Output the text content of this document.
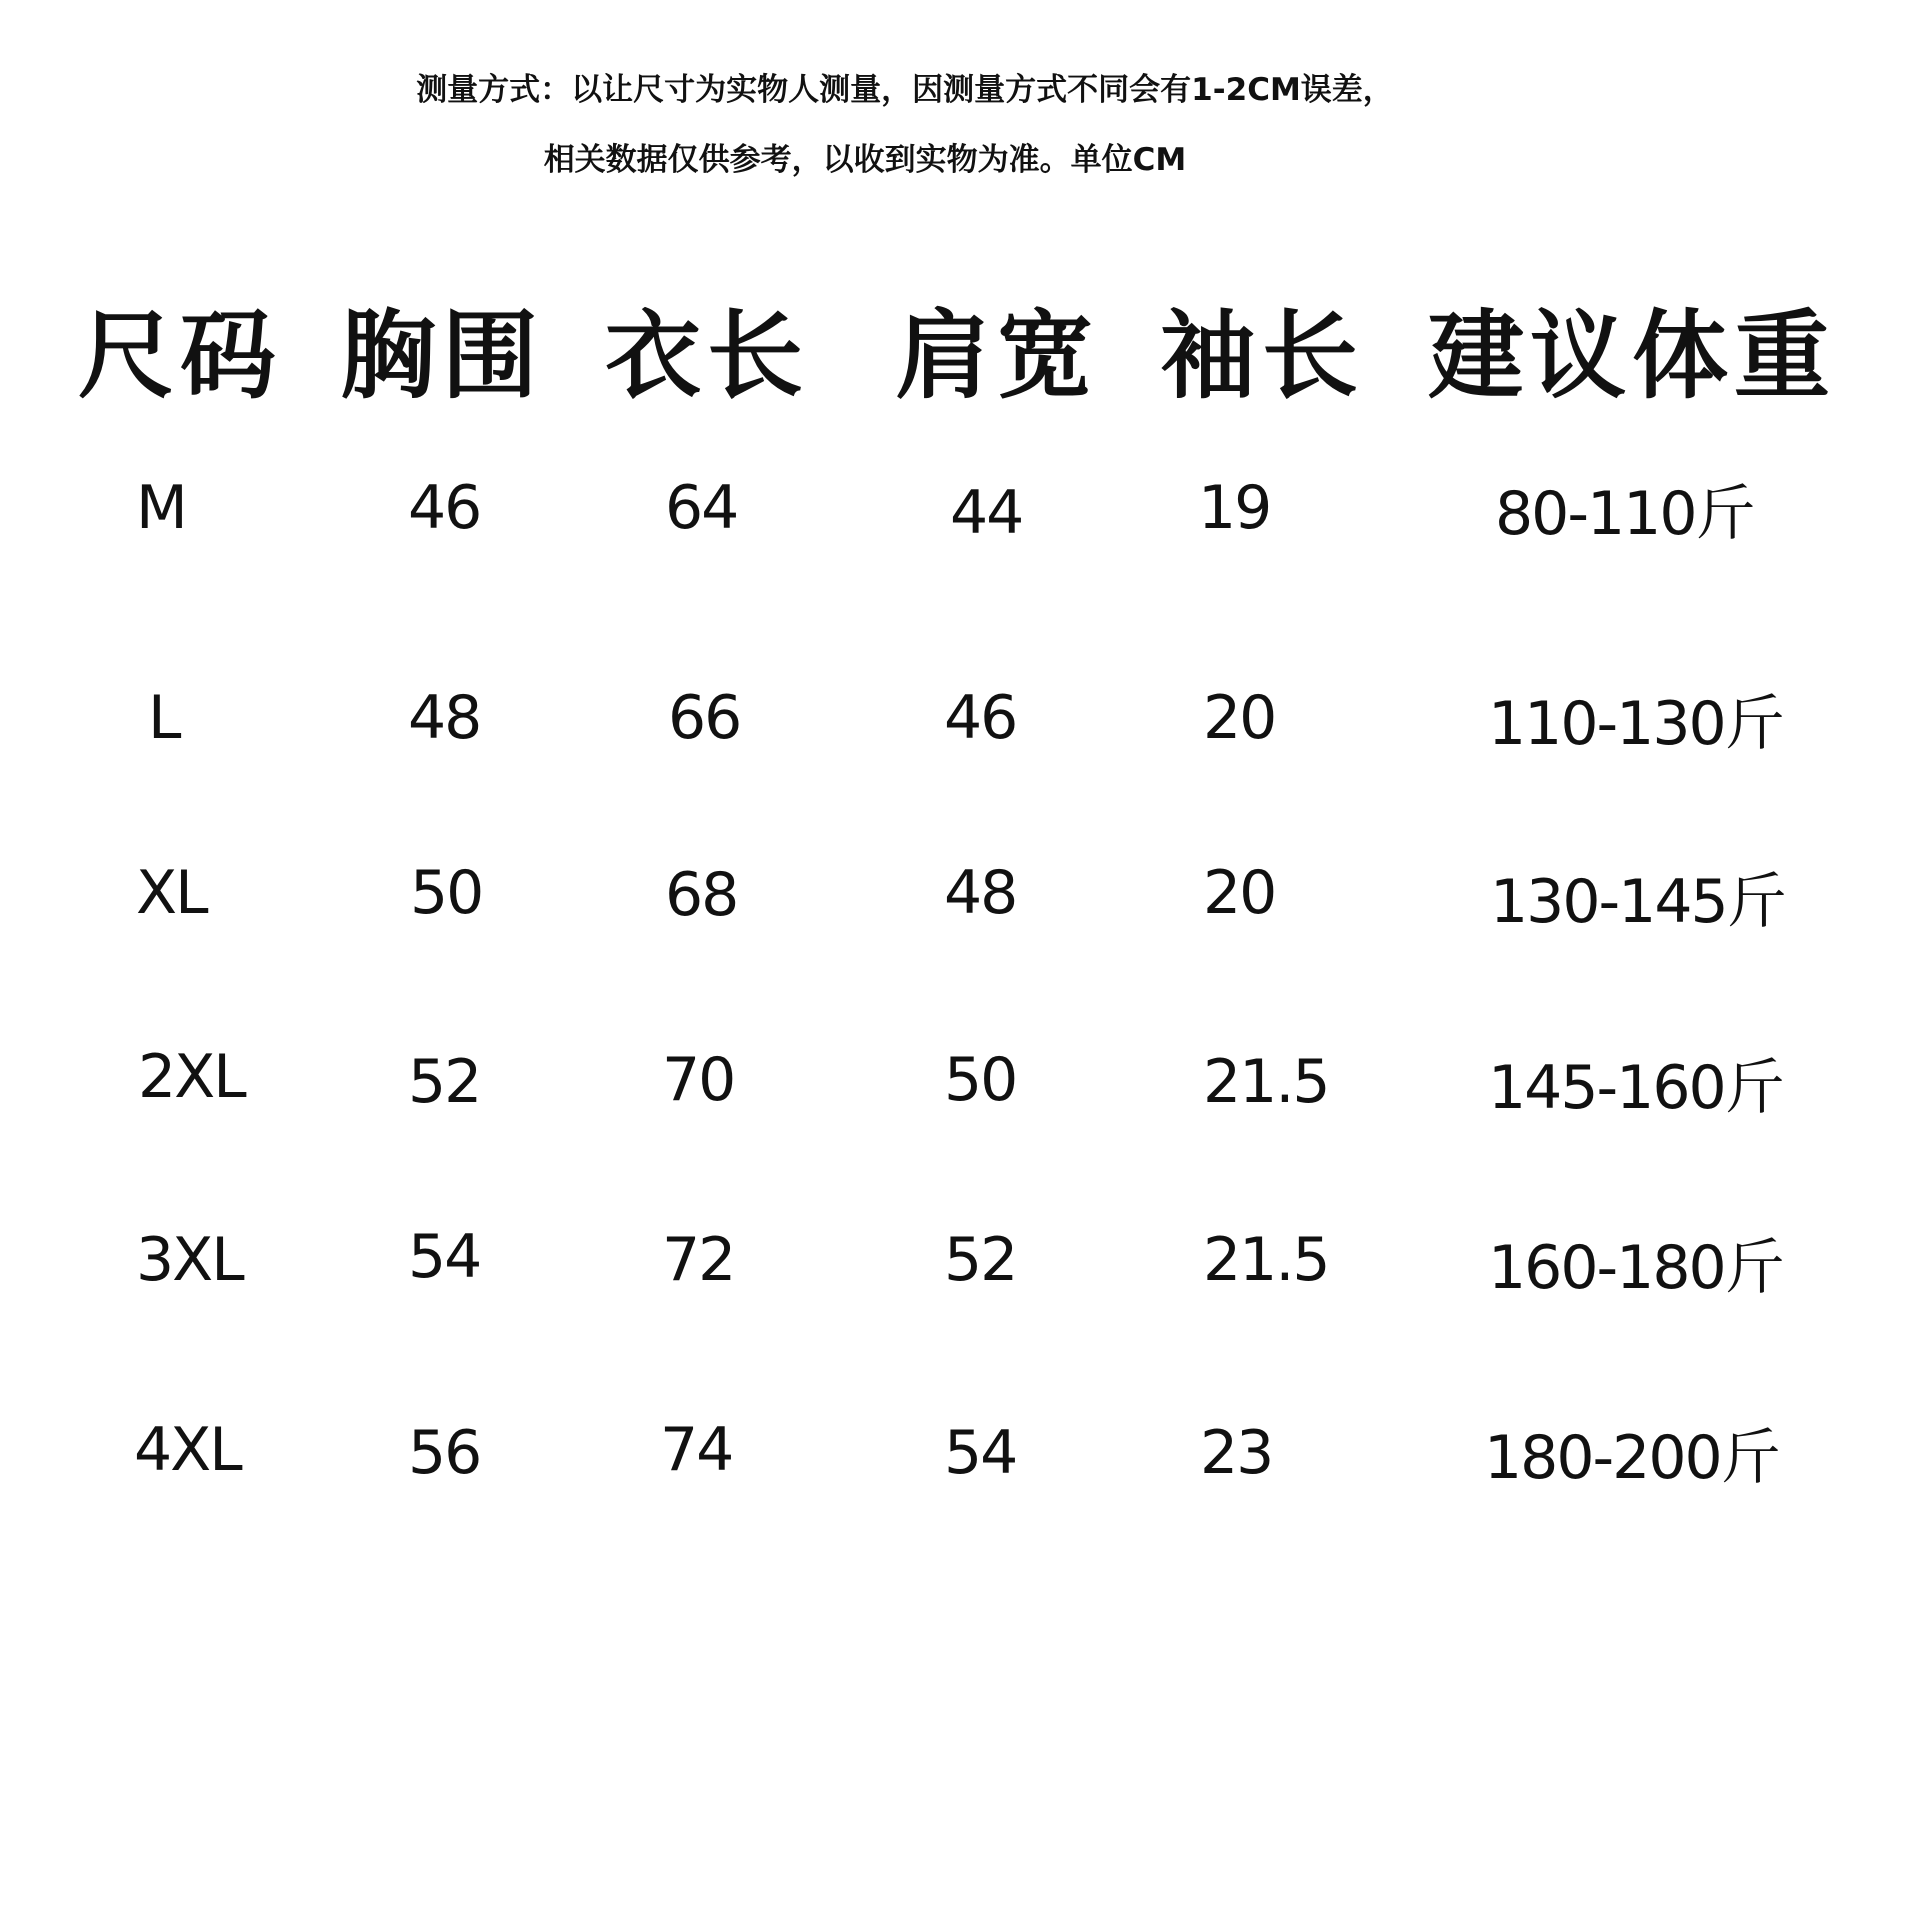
测量方式：以让尺寸为实物人测量，因测量方式不同会有1-2CM误差，
相关数据仅供参考，以收到实物为准。单位CM
尺码 胸围 衣长 肩宽 袖长 建议体重
M	46	64	44	19	80-110斤
L	48	66	46	20	110-130斤
XL	50	68	48	20	130-145斤
2XL	52	70	50	21.5	145-160斤
3XL	54	72	52	21.5	160-180斤
4XL	56	74	54	23	180-200斤
